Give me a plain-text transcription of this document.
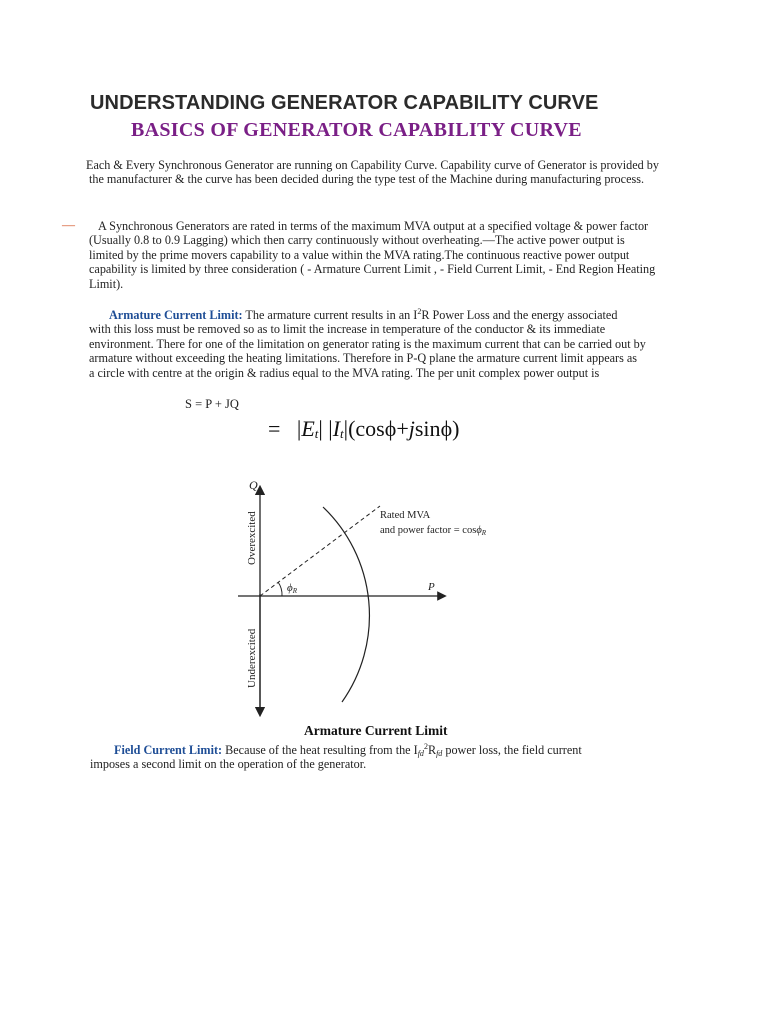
UNDERSTANDING GENERATOR CAPABILITY CURVE
BASICS OF GENERATOR CAPABILITY CURVE
Each & Every Synchronous Generator are running on Capability Curve. Capability curve of Generator is provided by
the manufacturer & the curve has been decided during the type test of the Machine during manufacturing process.
—	A Synchronous Generators are rated in terms of the maximum MVA output at a specified voltage & power factor
(Usually 0.8 to 0.9 Lagging) which then carry continuously without overheating.—The active power output is
limited by the prime movers capability to a value within the MVA rating.The continuous reactive power output
capability is limited by three consideration ( - Armature Current Limit , - Field Current Limit, - End Region Heating
Limit).
Armature Current Limit: The armature current results in an $I^2R$ Power Loss and the energy associated
with this loss must be removed so as to limit the increase in temperature of the conductor & its immediate
environment. There for one of the limitation on generator rating is the maximum current that can be carried out by
armature without exceeding the heating limitations. Therefore in P-Q plane the armature current limit appears as
a circle with centre at the origin & radius equal to the MVA rating. The per unit complex power output is
S = P + JQ
=   $|E_t|$ $|I_t|(\cos\phi+jsin\phi)$
Q
P
Overexcited
Underexcited
Rated MVA
and power factor = cosϕR
ϕR
Armature Current Limit
Field Current Limit: Because of the heat resulting from the $I_{fd}^2R_{fd}$ power loss, the field current
imposes a second limit on the operation of the generator.
